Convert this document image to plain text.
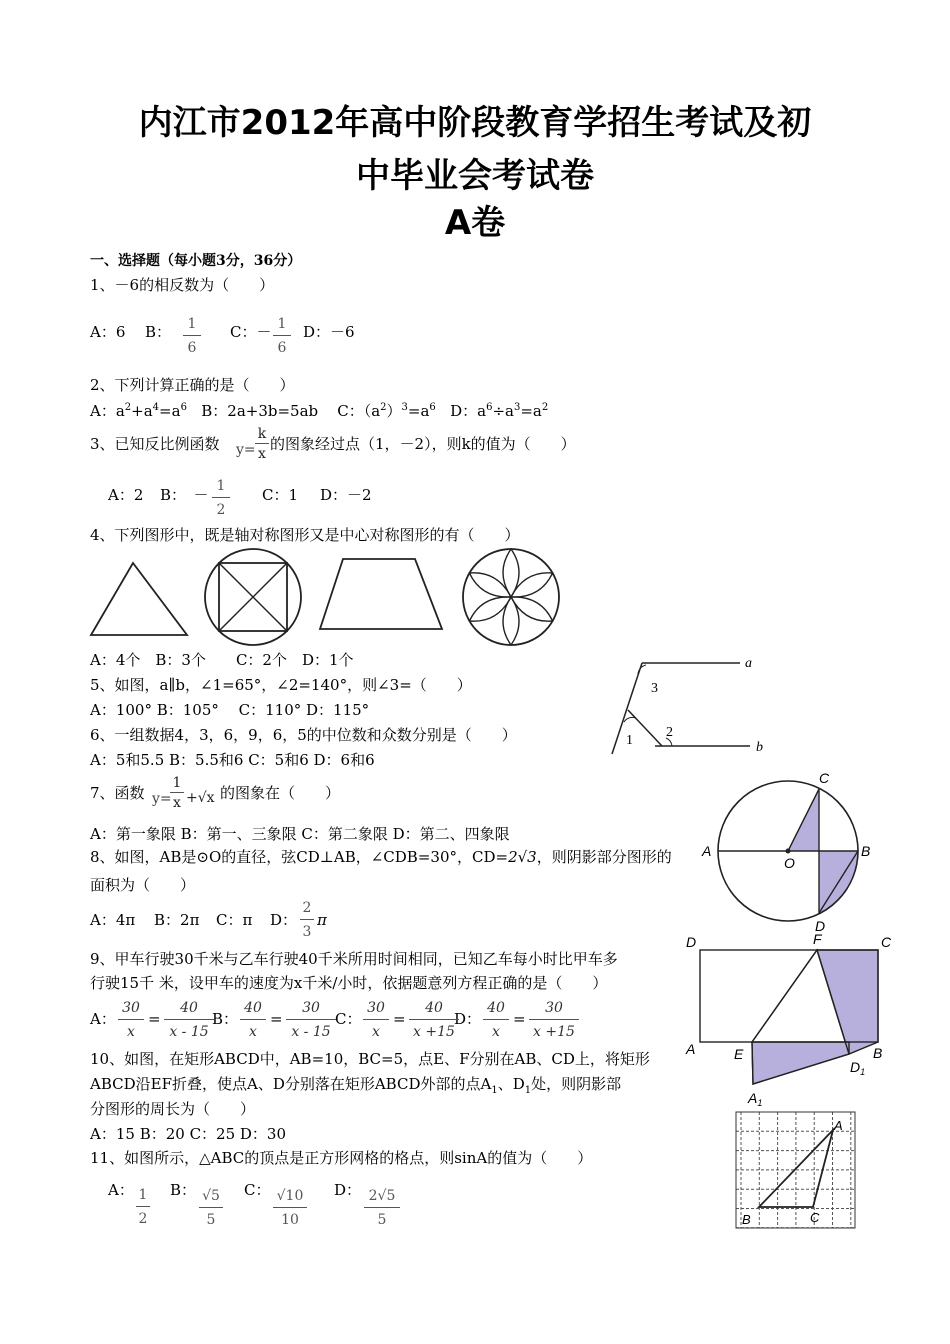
内江市2012年高中阶段教育学招生考试及初
中毕业会考试卷
A卷
一、选择题（每小题3分，36分）
1、－6的相反数为（　　）
A：6 B：	1
6
C：－ 1
6
D：－6
2、下列计算正确的是（　　）
A：$a^2+a^4=a^6$ B：2a+3b=5ab C：$(a^2)^3=a^6$ D：$a^6\div a^3=a^2$
3、已知反比例函数 y=
k
x
的图象经过点（1，－2），则k的值为（　　）
A：2 B：　－ 1
2
C：1 D：－2
4、下列图形中，既是轴对称图形又是中心对称图形的有（　　）
A：4个　B：3个　　C：2个　D：1个
5、如图，a∥b，∠1=65°，∠2=140°，则∠3=（　　）
A：100° B：105° 　C：110° D：115°
a
b
1
2
3
6、一组数据4，3，6，9，6，5的中位数和众数分别是（　　）
A：5和5.5 B：5.5和6 C：5和6 D：6和6
7、函数 y=
1
x +√x 的图象在（　　）
A：第一象限 B：第一、三象限 C：第二象限 D：第二、四象限
8、如图，AB是⊙O的直径，弦CD⊥AB，∠CDB=30°，CD=2√3，则阴影部分图形的
面积为（　　）
A：4π B：2π C：π D：
2
3
π
A	B
C
D
O
9、甲车行驶30千米与乙车行驶40千米所用时间相同，已知乙车每小时比甲车多
行驶15千 米，设甲车的速度为x千米/小时，依据题意列方程正确的是（　　）
A：	B：	C：	D：
30
x
=
40
x - 15
40
x
=
30
x - 15
30
x
=
40
x +15
40
x
=
30
x +15
10、如图，在矩形ABCD中，AB=10，BC=5，点E、F分别在AB、CD上，将矩形
ABCD沿EF折叠，使点A、D分别落在矩形ABCD外部的点$A_1$、$D_1$处，则阴影部
分图形的周长为（　　）
A：15 B：20 C：25 D：30
D	C
F
A	E	B
$D_1$
$A_1$
11、如图所示，△ABC的顶点是正方形网格的格点，则sinA的值为（　　）
A： 1
2
B： √5
5
C： √10
10
D： 2√5
5
A
B	C
